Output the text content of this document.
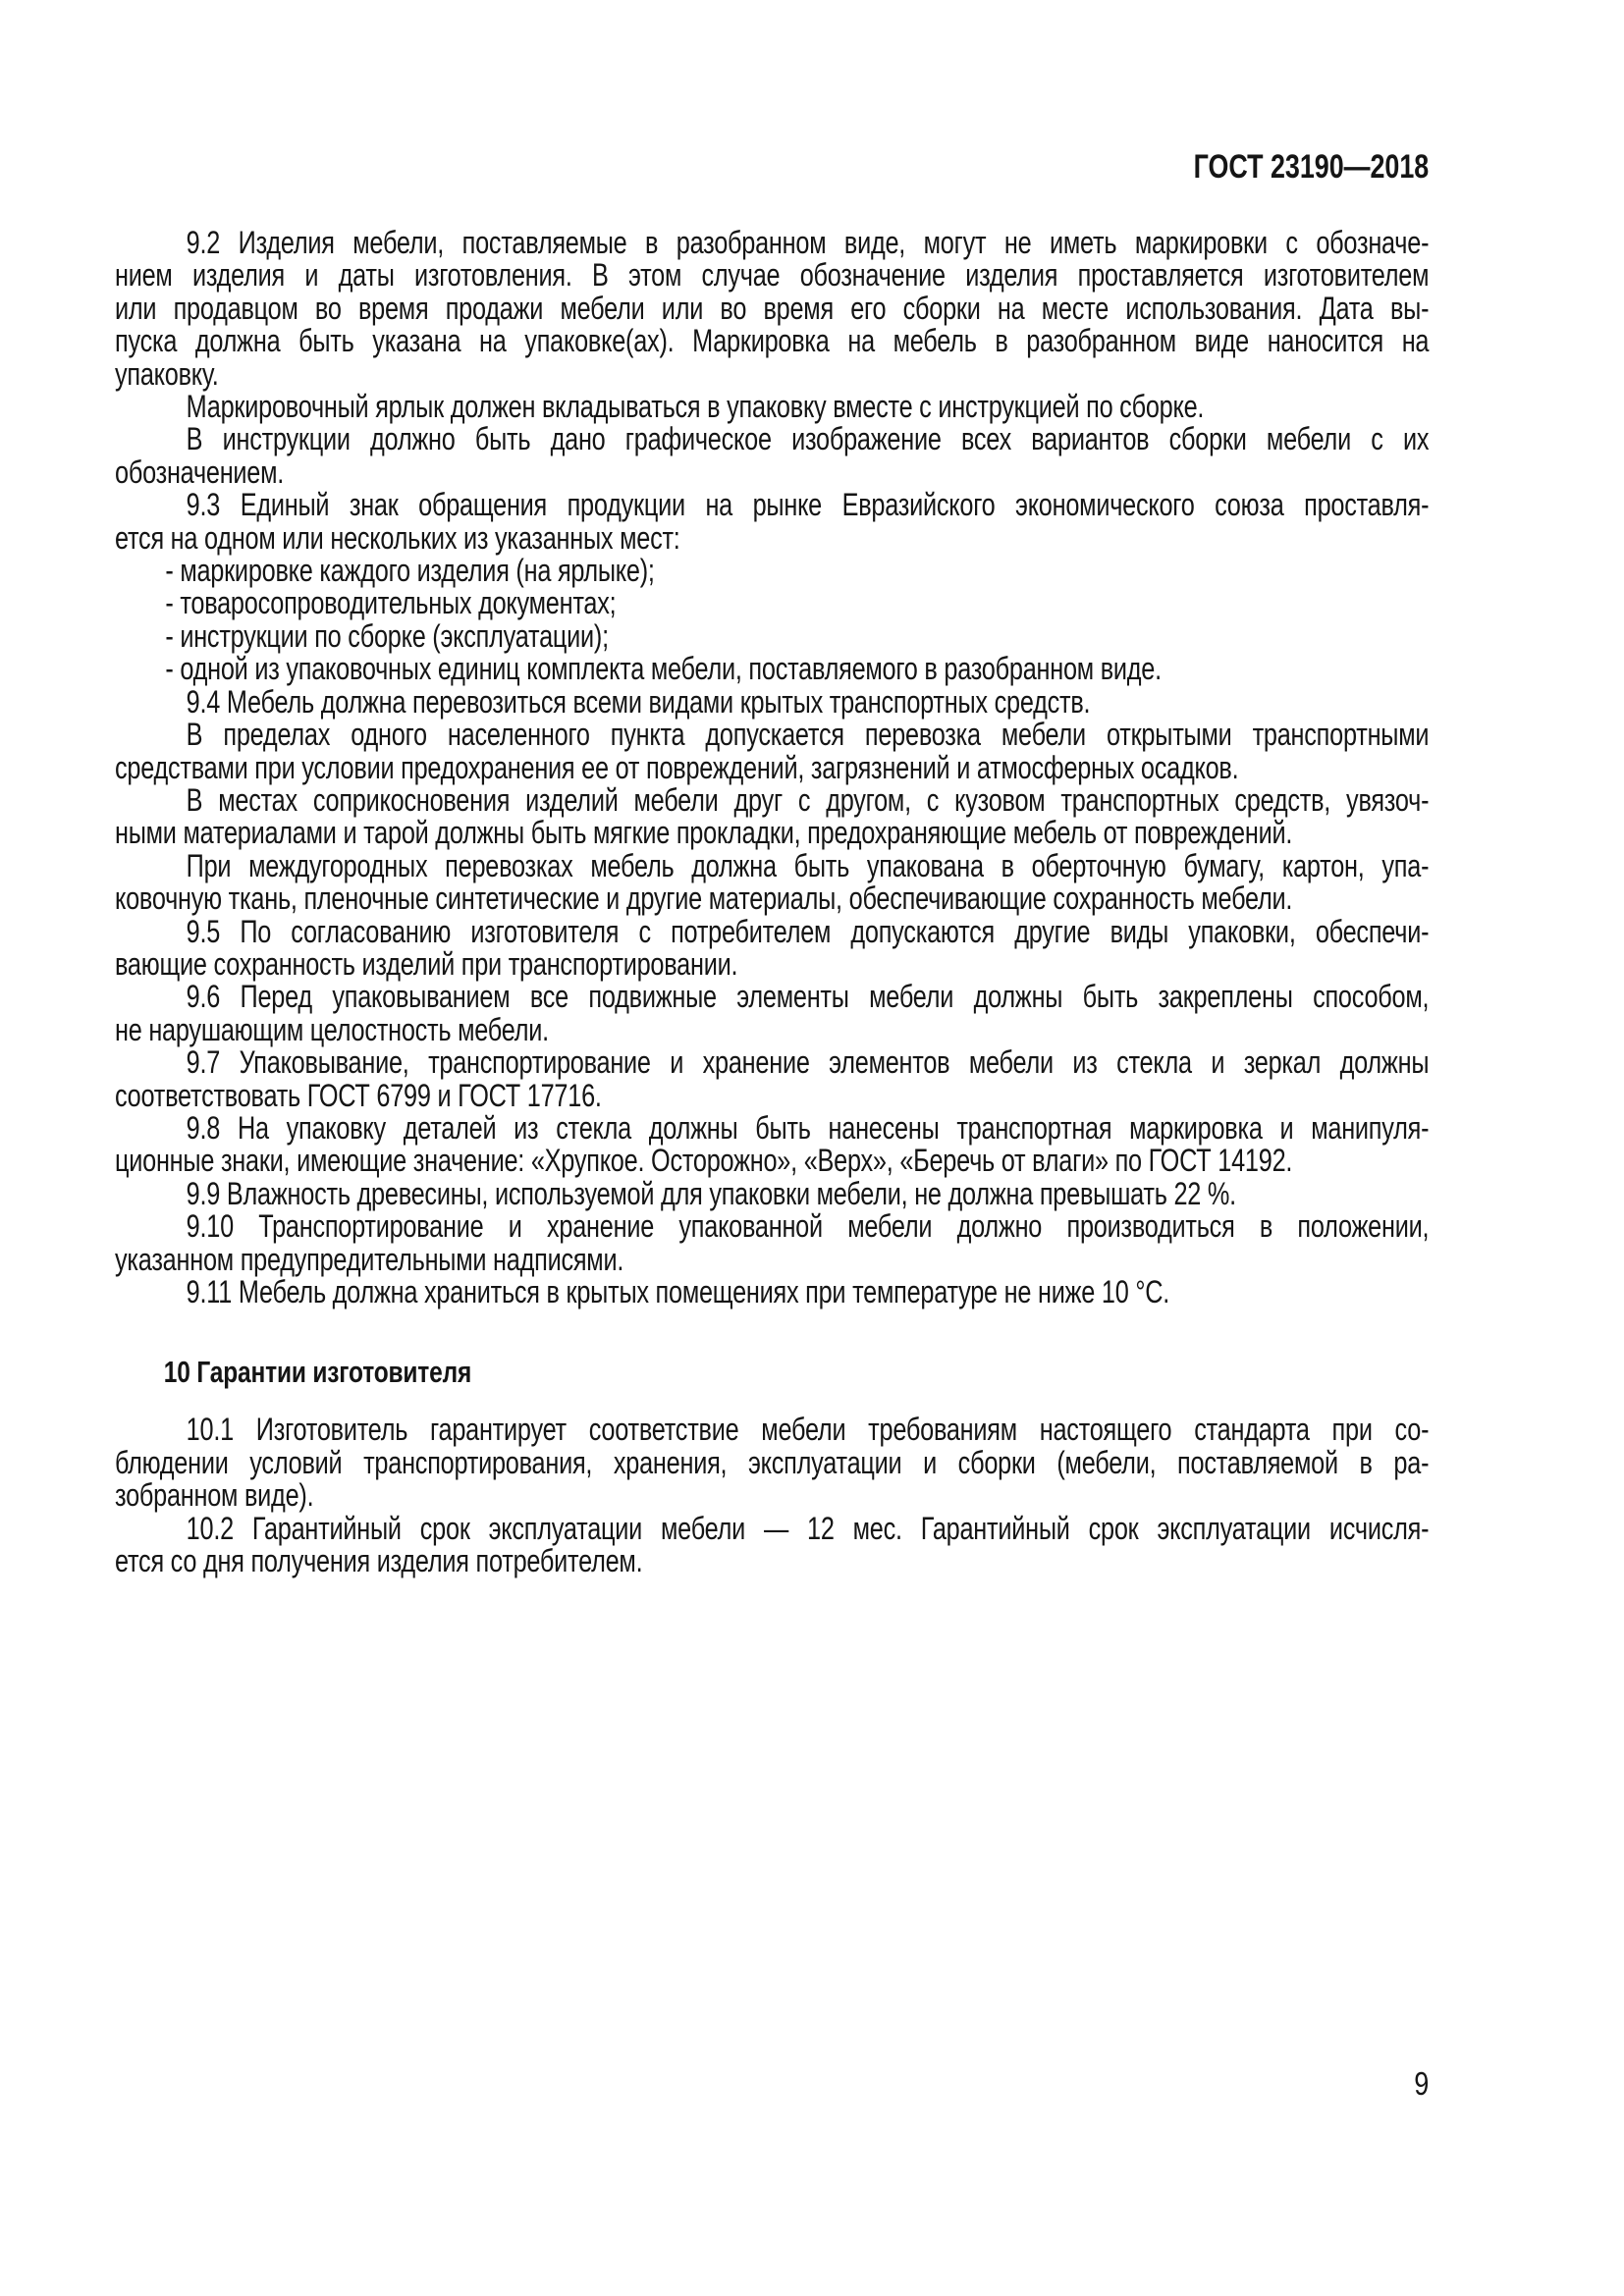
ГОСТ 23190—2018
9.2 Изделия мебели, поставляемые в разобранном виде, могут не иметь маркировки с обозначе-
нием изделия и даты изготовления. В этом случае обозначение изделия проставляется изготовителем
или продавцом во время продажи мебели или во время его сборки на месте использования. Дата вы-
пуска должна быть указана на упаковке(ах). Маркировка на мебель в разобранном виде наносится на
упаковку.
Маркировочный ярлык должен вкладываться в упаковку вместе с инструкцией по сборке.
В инструкции должно быть дано графическое изображение всех вариантов сборки мебели с их
обозначением.
9.3 Единый знак обращения продукции на рынке Евразийского экономического союза проставля-
ется на одном или нескольких из указанных мест:
- маркировке каждого изделия (на ярлыке);
- товаросопроводительных документах;
- инструкции по сборке (эксплуатации);
- одной из упаковочных единиц комплекта мебели, поставляемого в разобранном виде.
9.4 Мебель должна перевозиться всеми видами крытых транспортных средств.
В пределах одного населенного пункта допускается перевозка мебели открытыми транспортными
средствами при условии предохранения ее от повреждений, загрязнений и атмосферных осадков.
В местах соприкосновения изделий мебели друг с другом, с кузовом транспортных средств, увязоч-
ными материалами и тарой должны быть мягкие прокладки, предохраняющие мебель от повреждений.
При междугородных перевозках мебель должна быть упакована в оберточную бумагу, картон, упа-
ковочную ткань, пленочные синтетические и другие материалы, обеспечивающие сохранность мебели.
9.5 По согласованию изготовителя с потребителем допускаются другие виды упаковки, обеспечи-
вающие сохранность изделий при транспортировании.
9.6 Перед упаковыванием все подвижные элементы мебели должны быть закреплены способом,
не нарушающим целостность мебели.
9.7 Упаковывание, транспортирование и хранение элементов мебели из стекла и зеркал должны
соответствовать ГОСТ 6799 и ГОСТ 17716.
9.8 На упаковку деталей из стекла должны быть нанесены транспортная маркировка и манипуля-
ционные знаки, имеющие значение: «Хрупкое. Осторожно», «Верх», «Беречь от влаги» по ГОСТ 14192.
9.9 Влажность древесины, используемой для упаковки мебели, не должна превышать 22 %.
9.10 Транспортирование и хранение упакованной мебели должно производиться в положении,
указанном предупредительными надписями.
9.11 Мебель должна храниться в крытых помещениях при температуре не ниже 10 °С.
10 Гарантии изготовителя
10.1 Изготовитель гарантирует соответствие мебели требованиям настоящего стандарта при со-
блюдении условий транспортирования, хранения, эксплуатации и сборки (мебели, поставляемой в ра-
зобранном виде).
10.2 Гарантийный срок эксплуатации мебели — 12 мес. Гарантийный срок эксплуатации исчисля-
ется со дня получения изделия потребителем.
9
